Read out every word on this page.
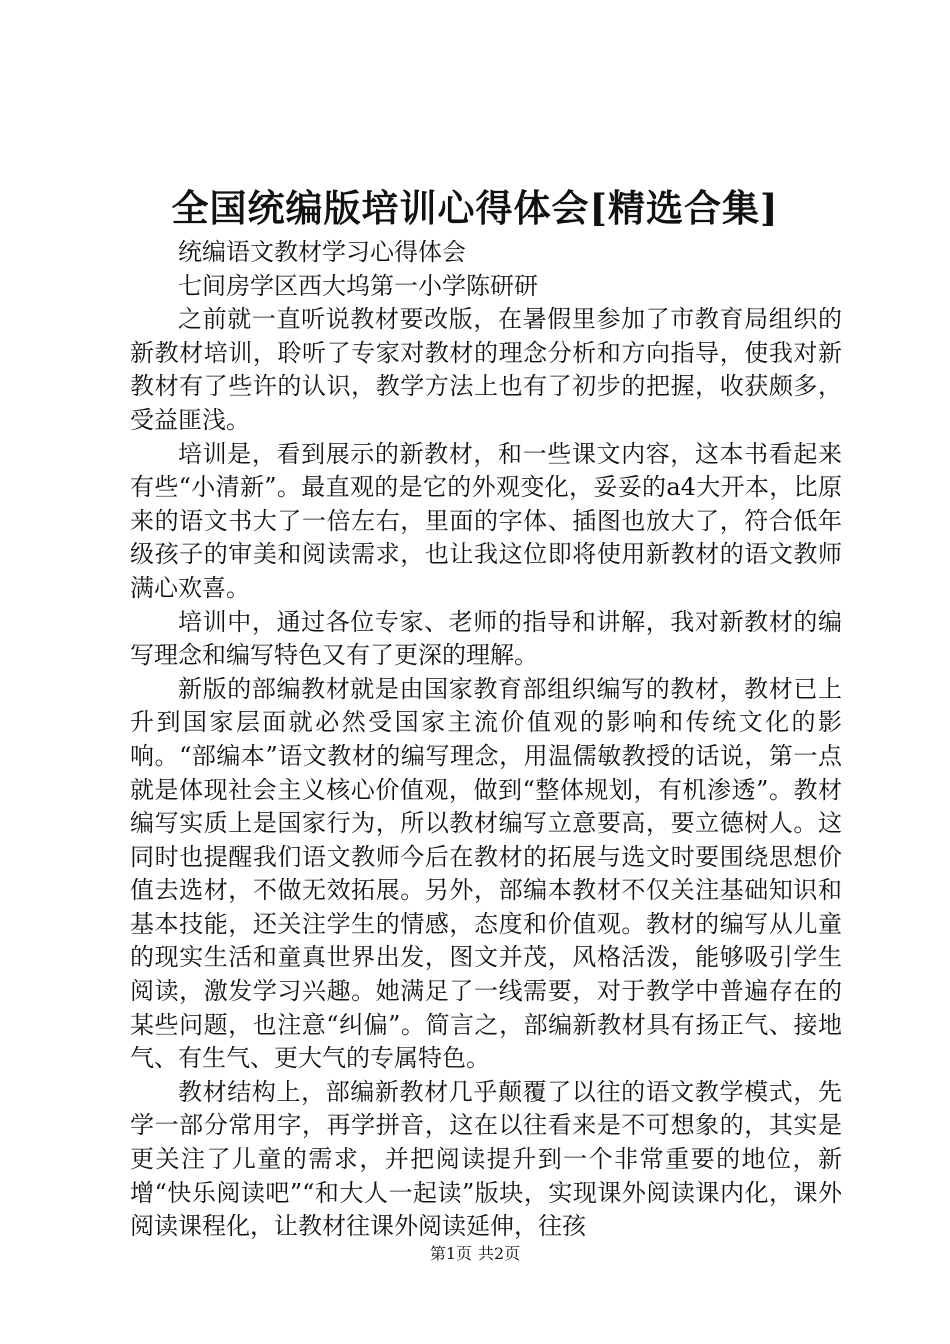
全国统编版培训心得体会[精选合集]

统编语文教材学习心得体会

七间房学区西大坞第一小学陈研研

之前就一直听说教材要改版，在暑假里参加了市教育局组织的新教材培训，聆听了专家对教材的理念分析和方向指导，使我对新教材有了些许的认识，教学方法上也有了初步的把握，收获颇多，受益匪浅。

培训是，看到展示的新教材，和一些课文内容，这本书看起来有些“小清新”。最直观的是它的外观变化，妥妥的a4大开本，比原来的语文书大了一倍左右，里面的字体、插图也放大了，符合低年级孩子的审美和阅读需求，也让我这位即将使用新教材的语文教师满心欢喜。

培训中，通过各位专家、老师的指导和讲解，我对新教材的编写理念和编写特色又有了更深的理解。

新版的部编教材就是由国家教育部组织编写的教材，教材已上升到国家层面就必然受国家主流价值观的影响和传统文化的影响。“部编本”语文教材的编写理念，用温儒敏教授的话说，第一点就是体现社会主义核心价值观，做到“整体规划，有机渗透”。教材编写实质上是国家行为，所以教材编写立意要高，要立德树人。这同时也提醒我们语文教师今后在教材的拓展与选文时要围绕思想价值去选材，不做无效拓展。另外，部编本教材不仅关注基础知识和基本技能，还关注学生的情感，态度和价值观。教材的编写从儿童的现实生活和童真世界出发，图文并茂，风格活泼，能够吸引学生阅读，激发学习兴趣。她满足了一线需要，对于教学中普遍存在的某些问题，也注意“纠偏”。简言之，部编新教材具有扬正气、接地气、有生气、更大气的专属特色。

教材结构上，部编新教材几乎颠覆了以往的语文教学模式，先学一部分常用字，再学拼音，这在以往看来是不可想象的，其实是更关注了儿童的需求，并把阅读提升到一个非常重要的地位，新增“快乐阅读吧”“和大人一起读”版块，实现课外阅读课内化，课外阅读课程化，让教材往课外阅读延伸，往孩

第1页 共2页
